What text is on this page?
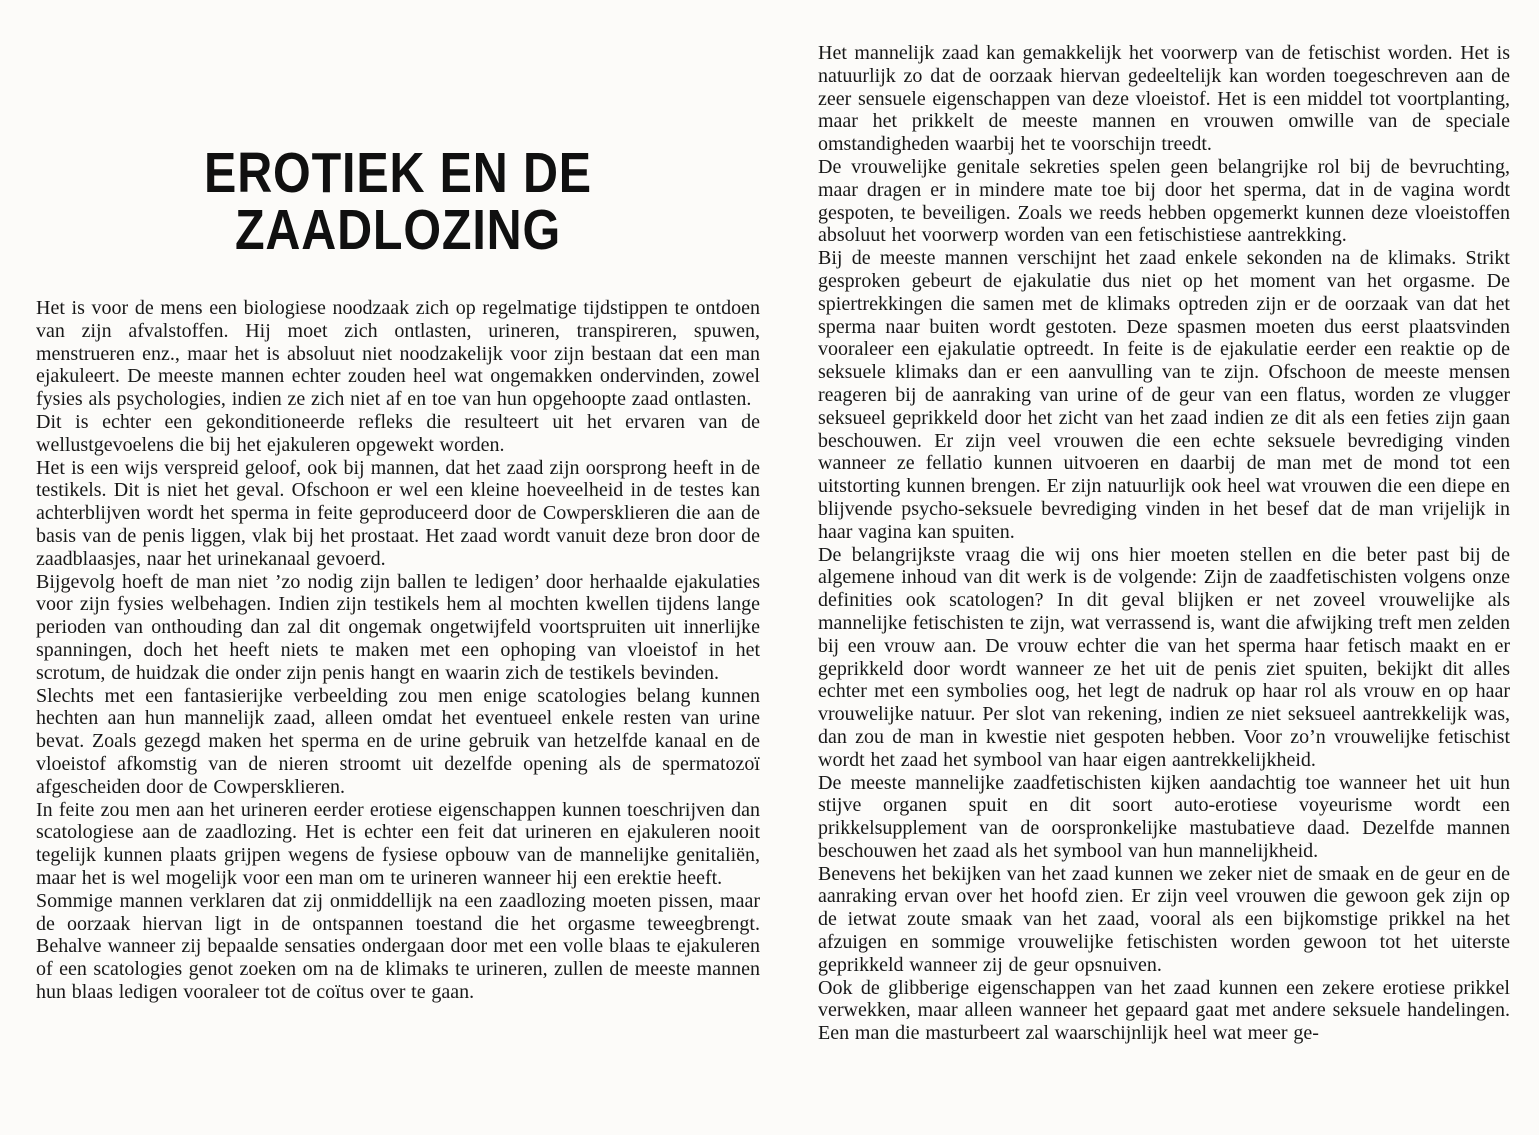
EROTIEK EN DE
ZAADLOZING

Het is voor de mens een biologiese noodzaak zich op regelmatige tijdstippen te ontdoen van zijn afvalstoffen. Hij moet zich ontlasten, urineren, transpireren, spuwen, menstrueren enz., maar het is absoluut niet noodzakelijk voor zijn bestaan dat een man ejakuleert. De meeste mannen echter zouden heel wat ongemakken ondervinden, zowel fysies als psychologies, indien ze zich niet af en toe van hun opgehoopte zaad ontlasten.

Dit is echter een gekonditioneerde refleks die resulteert uit het ervaren van de wellustgevoelens die bij het ejakuleren opgewekt worden.

Het is een wijs verspreid geloof, ook bij mannen, dat het zaad zijn oorsprong heeft in de testikels. Dit is niet het geval. Ofschoon er wel een kleine hoeveelheid in de testes kan achterblijven wordt het sperma in feite geproduceerd door de Cowpersklieren die aan de basis van de penis liggen, vlak bij het prostaat. Het zaad wordt vanuit deze bron door de zaadblaasjes, naar het urinekanaal gevoerd.

Bijgevolg hoeft de man niet ’zo nodig zijn ballen te ledigen’ door herhaalde ejakulaties voor zijn fysies welbehagen. Indien zijn testikels hem al mochten kwellen tijdens lange perioden van onthouding dan zal dit ongemak ongetwijfeld voortspruiten uit innerlijke spanningen, doch het heeft niets te maken met een ophoping van vloeistof in het scrotum, de huidzak die onder zijn penis hangt en waarin zich de testikels bevinden.

Slechts met een fantasierijke verbeelding zou men enige scatologies belang kunnen hechten aan hun mannelijk zaad, alleen omdat het eventueel enkele resten van urine bevat. Zoals gezegd maken het sperma en de urine gebruik van hetzelfde kanaal en de vloeistof afkomstig van de nieren stroomt uit dezelfde opening als de spermatozoï afgescheiden door de Cowpersklieren.

In feite zou men aan het urineren eerder erotiese eigenschappen kunnen toeschrijven dan scatologiese aan de zaadlozing. Het is echter een feit dat urineren en ejakuleren nooit tegelijk kunnen plaats grijpen wegens de fysiese opbouw van de mannelijke genitaliën, maar het is wel mogelijk voor een man om te urineren wanneer hij een erektie heeft.

Sommige mannen verklaren dat zij onmiddellijk na een zaadlozing moeten pissen, maar de oorzaak hiervan ligt in de ontspannen toestand die het orgasme teweegbrengt. Behalve wanneer zij bepaalde sensaties ondergaan door met een volle blaas te ejakuleren of een scatologies genot zoeken om na de klimaks te urineren, zullen de meeste mannen hun blaas ledigen vooraleer tot de coïtus over te gaan.

Het mannelijk zaad kan gemakkelijk het voorwerp van de fetischist worden. Het is natuurlijk zo dat de oorzaak hiervan gedeeltelijk kan worden toegeschreven aan de zeer sensuele eigenschappen van deze vloeistof. Het is een middel tot voortplanting, maar het prikkelt de meeste mannen en vrouwen omwille van de speciale omstandigheden waarbij het te voorschijn treedt.

De vrouwelijke genitale sekreties spelen geen belangrijke rol bij de bevruchting, maar dragen er in mindere mate toe bij door het sperma, dat in de vagina wordt gespoten, te beveiligen. Zoals we reeds hebben opgemerkt kunnen deze vloeistoffen absoluut het voorwerp worden van een fetischistiese aantrekking.

Bij de meeste mannen verschijnt het zaad enkele sekonden na de klimaks. Strikt gesproken gebeurt de ejakulatie dus niet op het moment van het orgasme. De spiertrekkingen die samen met de klimaks optreden zijn er de oorzaak van dat het sperma naar buiten wordt gestoten. Deze spasmen moeten dus eerst plaatsvinden vooraleer een ejakulatie optreedt. In feite is de ejakulatie eerder een reaktie op de seksuele klimaks dan er een aanvulling van te zijn. Ofschoon de meeste mensen reageren bij de aanraking van urine of de geur van een flatus, worden ze vlugger seksueel geprikkeld door het zicht van het zaad indien ze dit als een feties zijn gaan beschouwen. Er zijn veel vrouwen die een echte seksuele bevrediging vinden wanneer ze fellatio kunnen uitvoeren en daarbij de man met de mond tot een uitstorting kunnen brengen. Er zijn natuurlijk ook heel wat vrouwen die een diepe en blijvende psycho-seksuele bevrediging vinden in het besef dat de man vrijelijk in haar vagina kan spuiten.

De belangrijkste vraag die wij ons hier moeten stellen en die beter past bij de algemene inhoud van dit werk is de volgende: Zijn de zaadfetischisten volgens onze definities ook scatologen? In dit geval blijken er net zoveel vrouwelijke als mannelijke fetischisten te zijn, wat verrassend is, want die afwijking treft men zelden bij een vrouw aan. De vrouw echter die van het sperma haar fetisch maakt en er geprikkeld door wordt wanneer ze het uit de penis ziet spuiten, bekijkt dit alles echter met een symbolies oog, het legt de nadruk op haar rol als vrouw en op haar vrouwelijke natuur. Per slot van rekening, indien ze niet seksueel aantrekkelijk was, dan zou de man in kwestie niet gespoten hebben. Voor zo’n vrouwelijke fetischist wordt het zaad het symbool van haar eigen aantrekkelijkheid.

De meeste mannelijke zaadfetischisten kijken aandachtig toe wanneer het uit hun stijve organen spuit en dit soort auto-erotiese voyeurisme wordt een prikkelsupplement van de oorspronkelijke mastubatieve daad. Dezelfde mannen beschouwen het zaad als het symbool van hun mannelijkheid.

Benevens het bekijken van het zaad kunnen we zeker niet de smaak en de geur en de aanraking ervan over het hoofd zien. Er zijn veel vrouwen die gewoon gek zijn op de ietwat zoute smaak van het zaad, vooral als een bijkomstige prikkel na het afzuigen en sommige vrouwelijke fetischisten worden gewoon tot het uiterste geprikkeld wanneer zij de geur opsnuiven.

Ook de glibberige eigenschappen van het zaad kunnen een zekere erotiese prikkel verwekken, maar alleen wanneer het gepaard gaat met andere seksuele handelingen. Een man die masturbeert zal waarschijnlijk heel wat meer ge-
